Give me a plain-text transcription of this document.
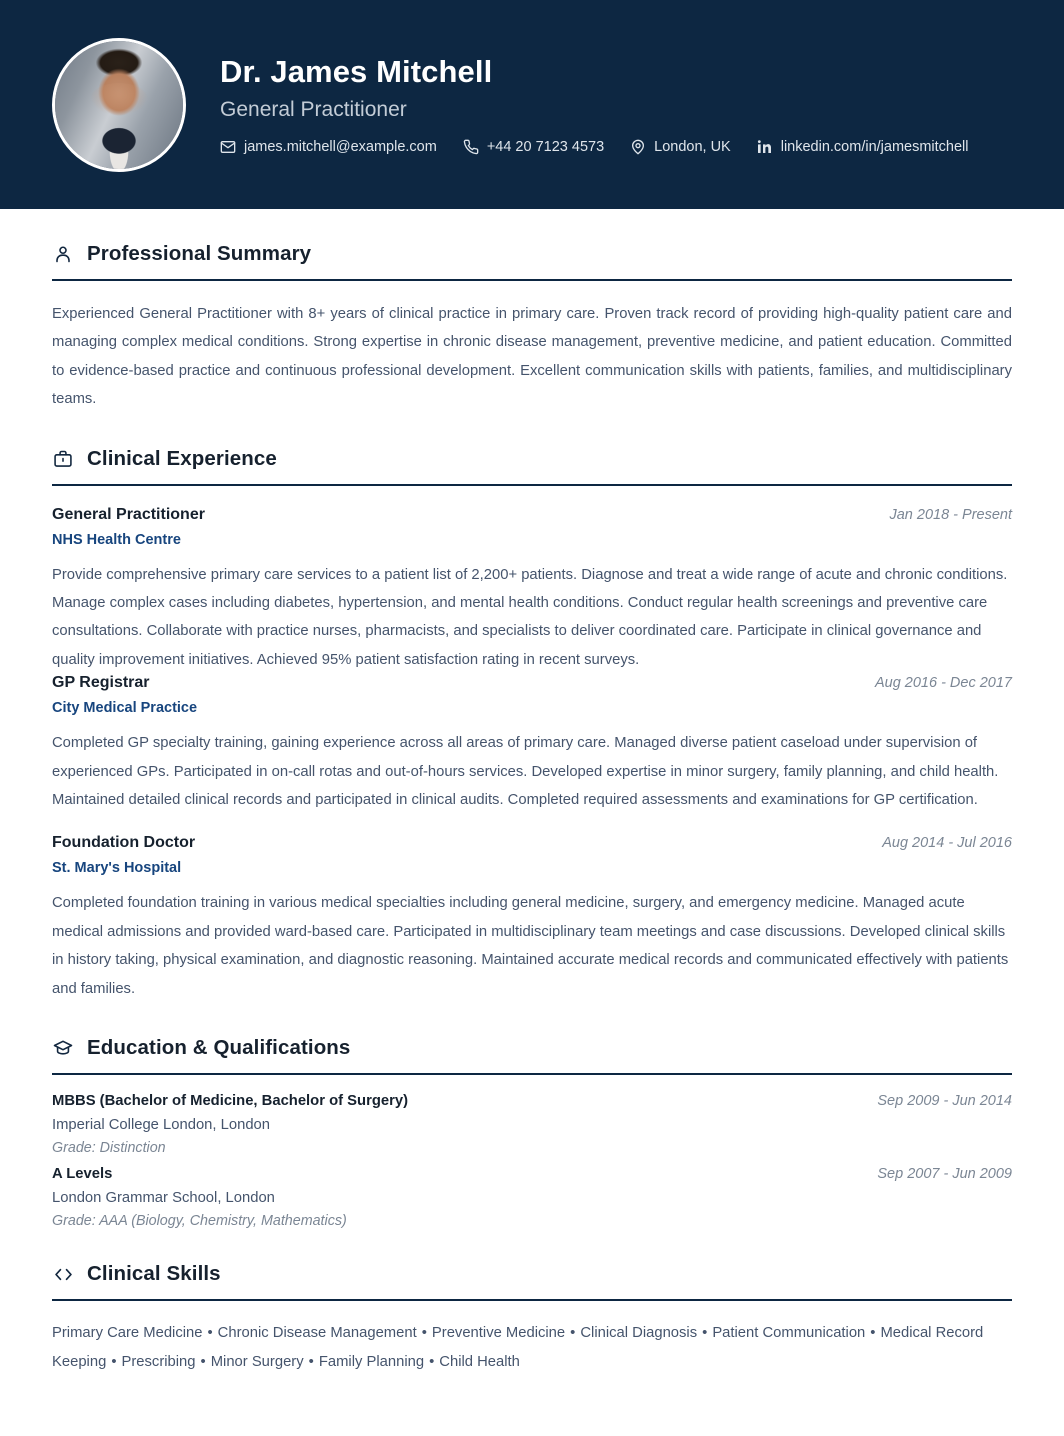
Dr. James Mitchell
General Practitioner
james.mitchell@example.com	+44 20 7123 4573	London, UK	linkedin.com/in/jamesmitchell
Professional Summary

Experienced General Practitioner with 8+ years of clinical practice in primary care. Proven track record of providing high-quality patient care and managing complex medical conditions. Strong expertise in chronic disease management, preventive medicine, and patient education. Committed to evidence-based practice and continuous professional development. Excellent communication skills with patients, families, and multidisciplinary teams.

Clinical Experience
General Practitioner	Jan 2018 - Present
NHS Health Centre

Provide comprehensive primary care services to a patient list of 2,200+ patients. Diagnose and treat a wide range of acute and chronic conditions. Manage complex cases including diabetes, hypertension, and mental health conditions. Conduct regular health screenings and preventive care consultations. Collaborate with practice nurses, pharmacists, and specialists to deliver coordinated care. Participate in clinical governance and quality improvement initiatives. Achieved 95% patient satisfaction rating in recent surveys.

GP Registrar	Aug 2016 - Dec 2017
City Medical Practice

Completed GP specialty training, gaining experience across all areas of primary care. Managed diverse patient caseload under supervision of experienced GPs. Participated in on-call rotas and out-of-hours services. Developed expertise in minor surgery, family planning, and child health. Maintained detailed clinical records and participated in clinical audits. Completed required assessments and examinations for GP certification.

Foundation Doctor	Aug 2014 - Jul 2016
St. Mary's Hospital

Completed foundation training in various medical specialties including general medicine, surgery, and emergency medicine. Managed acute medical admissions and provided ward-based care. Participated in multidisciplinary team meetings and case discussions. Developed clinical skills in history taking, physical examination, and diagnostic reasoning. Maintained accurate medical records and communicated effectively with patients and families.

Education & Qualifications
MBBS (Bachelor of Medicine, Bachelor of Surgery)	Sep 2009 - Jun 2014
Imperial College London, London
Grade: Distinction
A Levels	Sep 2007 - Jun 2009
London Grammar School, London
Grade: AAA (Biology, Chemistry, Mathematics)
Clinical Skills

Primary Care Medicine • Chronic Disease Management • Preventive Medicine • Clinical Diagnosis • Patient Communication • Medical Record Keeping • Prescribing • Minor Surgery • Family Planning • Child Health
